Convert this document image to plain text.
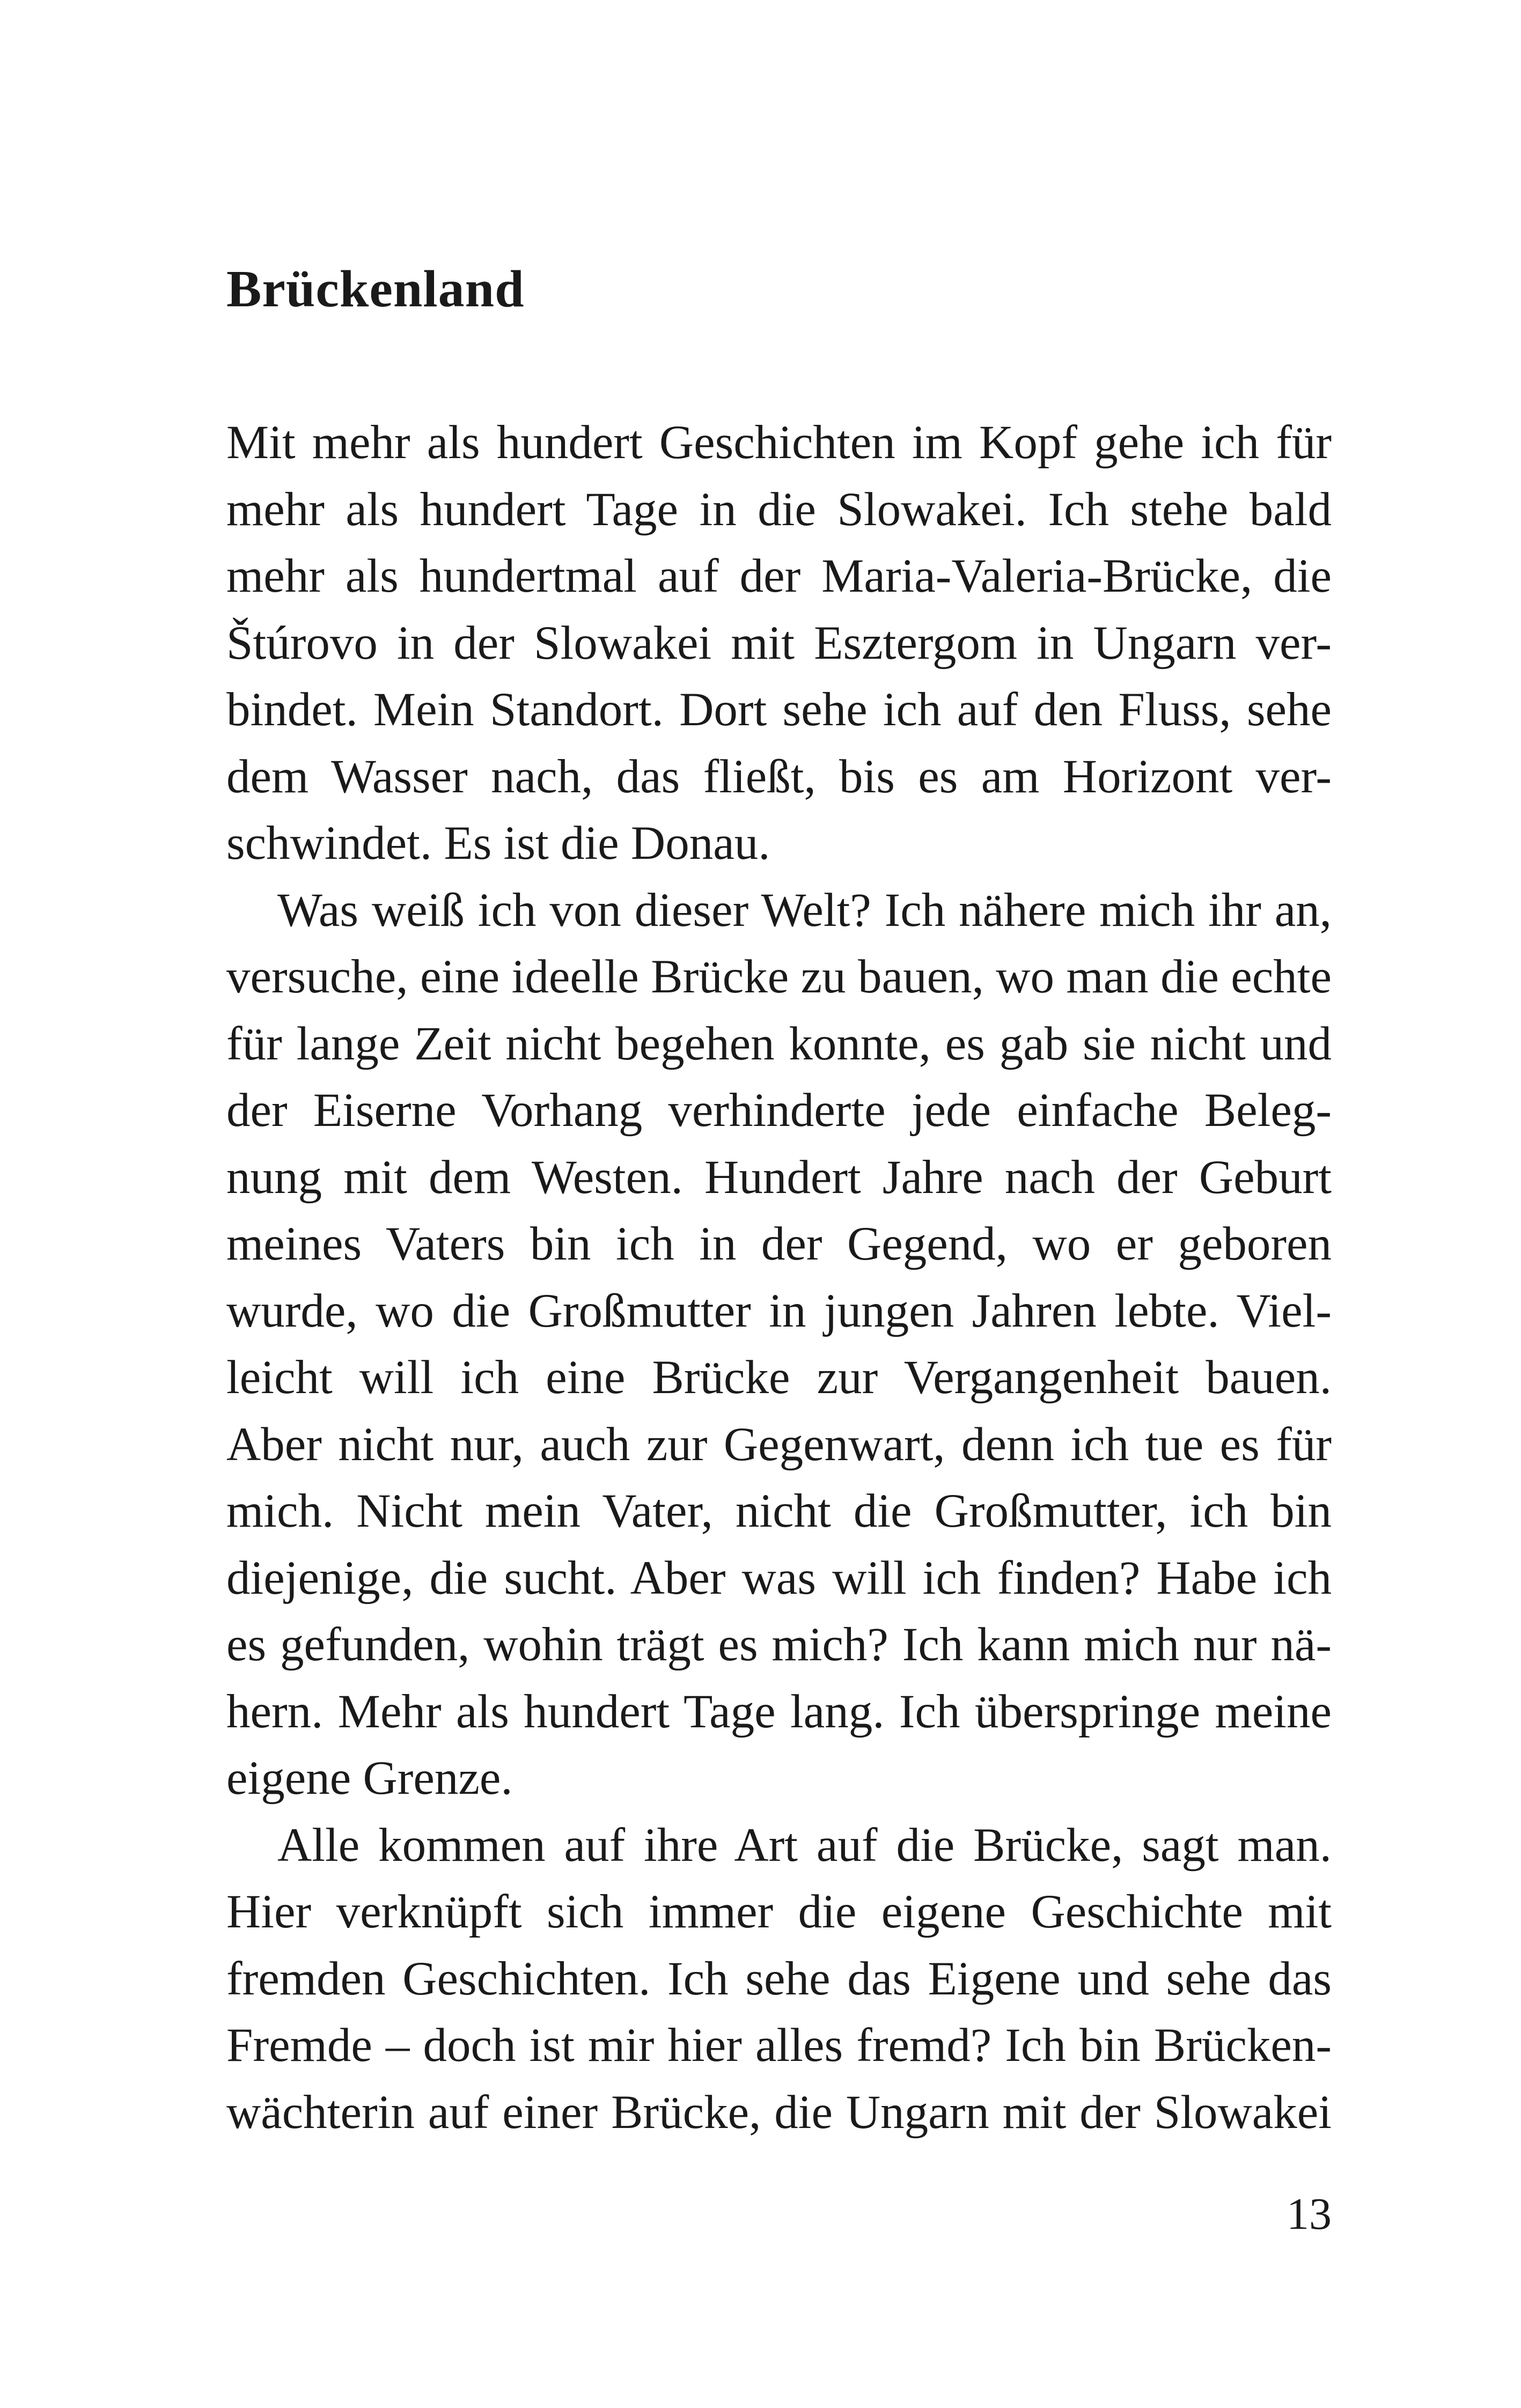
Brückenland
Mit mehr als hundert Geschichten im Kopf gehe ich für
mehr als hundert Tage in die Slowakei. Ich stehe bald
mehr als hundertmal auf der Maria-Valeria-Brücke, die
Štúrovo in der Slowakei mit Esztergom in Ungarn ver-
bindet. Mein Standort. Dort sehe ich auf den Fluss, sehe
dem Wasser nach, das fließt, bis es am Horizont ver-
schwindet. Es ist die Donau.
Was weiß ich von dieser Welt? Ich nähere mich ihr an,
versuche, eine ideelle Brücke zu bauen, wo man die echte
für lange Zeit nicht begehen konnte, es gab sie nicht und
der Eiserne Vorhang verhinderte jede einfache Beleg-
nung mit dem Westen. Hundert Jahre nach der Geburt
meines Vaters bin ich in der Gegend, wo er geboren
wurde, wo die Großmutter in jungen Jahren lebte. Viel-
leicht will ich eine Brücke zur Vergangenheit bauen.
Aber nicht nur, auch zur Gegenwart, denn ich tue es für
mich. Nicht mein Vater, nicht die Großmutter, ich bin
diejenige, die sucht. Aber was will ich finden? Habe ich
es gefunden, wohin trägt es mich? Ich kann mich nur nä-
hern. Mehr als hundert Tage lang. Ich überspringe meine
eigene Grenze.
Alle kommen auf ihre Art auf die Brücke, sagt man.
Hier verknüpft sich immer die eigene Geschichte mit
fremden Geschichten. Ich sehe das Eigene und sehe das
Fremde – doch ist mir hier alles fremd? Ich bin Brücken-
wächterin auf einer Brücke, die Ungarn mit der Slowakei
13
